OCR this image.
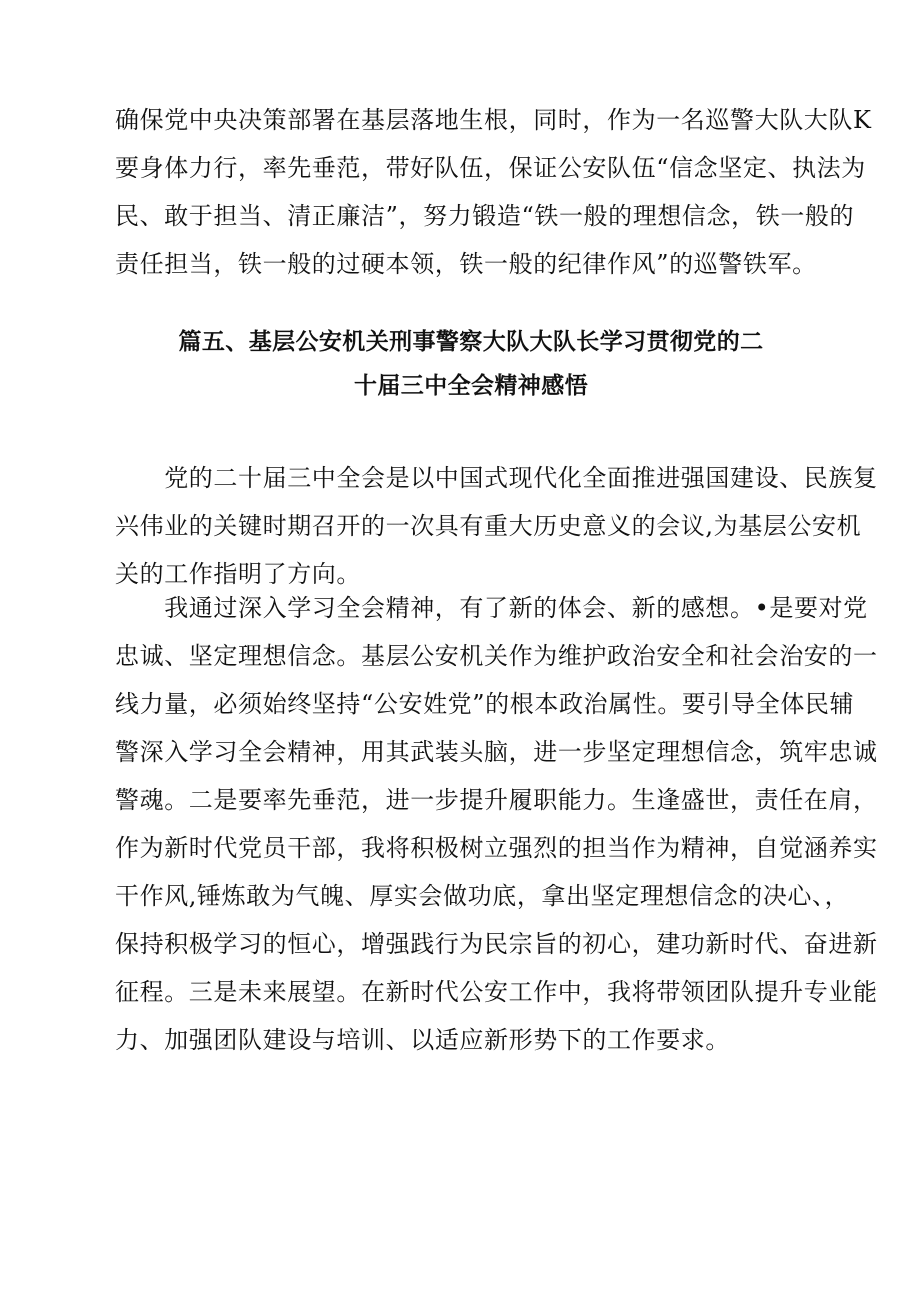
确保党中央决策部署在基层落地生根，同时，作为一名巡警大队大队K
要身体力行，率先垂范，带好队伍，保证公安队伍“信念坚定、执法为
民、敢于担当、清正廉洁”，努力锻造“铁一般的理想信念，铁一般的
责任担当，铁一般的过硬本领，铁一般的纪律作风”的巡警铁军。
篇五、基层公安机关刑事警察大队大队长学习贯彻党的二
十届三中全会精神感悟
　　党的二十届三中全会是以中国式现代化全面推进强国建设、民族复
兴伟业的关键时期召开的一次具有重大历史意义的会议,为基层公安机
关的工作指明了方向。
　　我通过深入学习全会精神，有了新的体会、新的感想。•是要对党
忠诚、坚定理想信念。基层公安机关作为维护政治安全和社会治安的一
线力量，必须始终坚持“公安姓党”的根本政治属性。要引导全体民辅
警深入学习全会精神，用其武装头脑，进一步坚定理想信念，筑牢忠诚
警魂。二是要率先垂范，进一步提升履职能力。生逢盛世，责任在肩，
作为新时代党员干部，我将积极树立强烈的担当作为精神，自觉涵养实
干作风,锤炼敢为气魄、厚实会做功底，拿出坚定理想信念的决心、，
保持积极学习的恒心，增强践行为民宗旨的初心，建功新时代、奋进新
征程。三是未来展望。在新时代公安工作中，我将带领团队提升专业能
力、加强团队建设与培训、以适应新形势下的工作要求。
